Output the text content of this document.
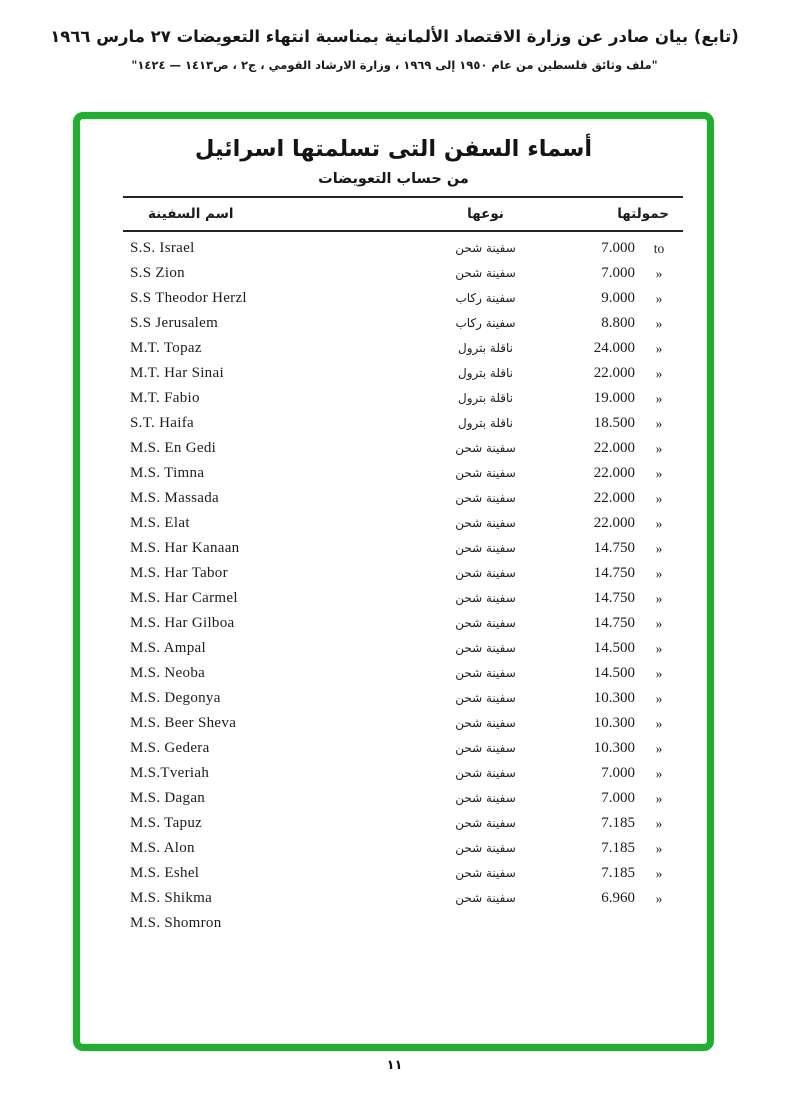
(تابع) بيان صادر عن وزارة الاقتصاد الألمانية بمناسبة انتهاء التعويضات ٢٧ مارس ١٩٦٦
"ملف وثائق فلسطين من عام ١٩٥٠ إلى ١٩٦٩ ، وزارة الارشاد القومي ، ج٢ ، ص١٤١٣ — ١٤٢٤"
أسماء السفن التى تسلمتها اسرائيل
من حساب التعويضات
اسم السفينة	نوعها	حمولتها
S.S. Israel	سفينة شحن	7.000	to
S.S Zion	سفينة شحن	7.000	»
S.S Theodor Herzl	سفينة ركاب	9.000	»
S.S Jerusalem	سفينة ركاب	8.800	»
M.T. Topaz	ناقلة بترول	24.000	»
M.T. Har Sinai	ناقلة بترول	22.000	»
M.T. Fabio	ناقلة بترول	19.000	»
S.T. Haifa	ناقلة بترول	18.500	»
M.S. En Gedi	سفينة شحن	22.000	»
M.S. Timna	سفينة شحن	22.000	»
M.S. Massada	سفينة شحن	22.000	»
M.S. Elat	سفينة شحن	22.000	»
M.S. Har Kanaan	سفينة شحن	14.750	»
M.S. Har Tabor	سفينة شحن	14.750	»
M.S. Har Carmel	سفينة شحن	14.750	»
M.S. Har Gilboa	سفينة شحن	14.750	»
M.S. Ampal	سفينة شحن	14.500	»
M.S. Neoba	سفينة شحن	14.500	»
M.S. Degonya	سفينة شحن	10.300	»
M.S. Beer Sheva	سفينة شحن	10.300	»
M.S. Gedera	سفينة شحن	10.300	»
M.S.Tveriah	سفينة شحن	7.000	»
M.S. Dagan	سفينة شحن	7.000	»
M.S. Tapuz	سفينة شحن	7.185	»
M.S. Alon	سفينة شحن	7.185	»
M.S. Eshel	سفينة شحن	7.185	»
M.S. Shikma	سفينة شحن	6.960	»
M.S. Shomron
١١
